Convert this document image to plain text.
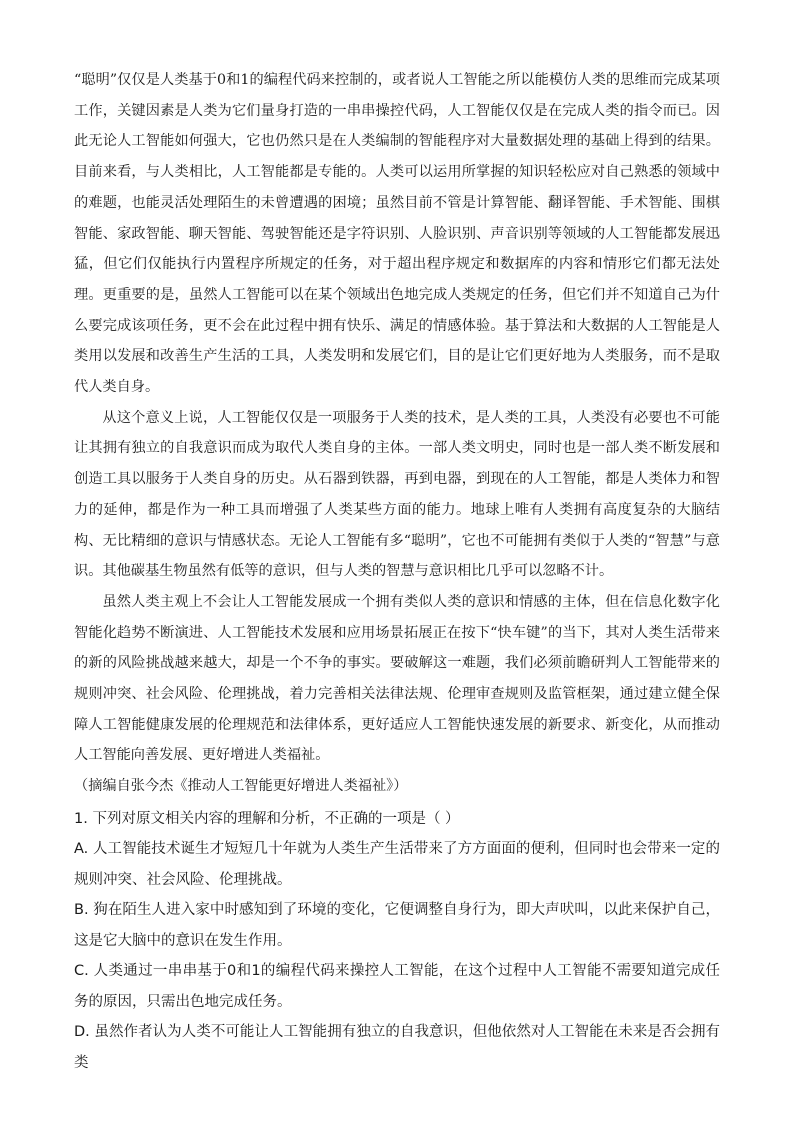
“聪明”仅仅是人类基于0和1的编程代码来控制的，或者说人工智能之所以能模仿人类的思维而完成某项工作，关键因素是人类为它们量身打造的一串串操控代码，人工智能仅仅是在完成人类的指令而已。因此无论人工智能如何强大，它也仍然只是在人类编制的智能程序对大量数据处理的基础上得到的结果。目前来看，与人类相比，人工智能都是专能的。人类可以运用所掌握的知识轻松应对自己熟悉的领域中的难题，也能灵活处理陌生的未曾遭遇的困境；虽然目前不管是计算智能、翻译智能、手术智能、围棋智能、家政智能、聊天智能、驾驶智能还是字符识别、人脸识别、声音识别等领域的人工智能都发展迅猛，但它们仅能执行内置程序所规定的任务，对于超出程序规定和数据库的内容和情形它们都无法处理。更重要的是，虽然人工智能可以在某个领域出色地完成人类规定的任务，但它们并不知道自己为什么要完成该项任务，更不会在此过程中拥有快乐、满足的情感体验。基于算法和大数据的人工智能是人类用以发展和改善生产生活的工具，人类发明和发展它们，目的是让它们更好地为人类服务，而不是取代人类自身。

从这个意义上说，人工智能仅仅是一项服务于人类的技术，是人类的工具，人类没有必要也不可能让其拥有独立的自我意识而成为取代人类自身的主体。一部人类文明史，同时也是一部人类不断发展和创造工具以服务于人类自身的历史。从石器到铁器，再到电器，到现在的人工智能，都是人类体力和智力的延伸，都是作为一种工具而增强了人类某些方面的能力。地球上唯有人类拥有高度复杂的大脑结构、无比精细的意识与情感状态。无论人工智能有多“聪明”，它也不可能拥有类似于人类的“智慧”与意识。其他碳基生物虽然有低等的意识，但与人类的智慧与意识相比几乎可以忽略不计。

虽然人类主观上不会让人工智能发展成一个拥有类似人类的意识和情感的主体，但在信息化数字化智能化趋势不断演进、人工智能技术发展和应用场景拓展正在按下“快车键”的当下，其对人类生活带来的新的风险挑战越来越大，却是一个不争的事实。要破解这一难题，我们必须前瞻研判人工智能带来的规则冲突、社会风险、伦理挑战，着力完善相关法律法规、伦理审查规则及监管框架，通过建立健全保障人工智能健康发展的伦理规范和法律体系，更好适应人工智能快速发展的新要求、新变化，从而推动人工智能向善发展、更好增进人类福祉。

（摘编自张今杰《推动人工智能更好增进人类福祉》）

1. 下列对原文相关内容的理解和分析，不正确的一项是（ ）

A. 人工智能技术诞生才短短几十年就为人类生产生活带来了方方面面的便利，但同时也会带来一定的规则冲突、社会风险、伦理挑战。

B. 狗在陌生人进入家中时感知到了环境的变化，它便调整自身行为，即大声吠叫，以此来保护自己，这是它大脑中的意识在发生作用。

C. 人类通过一串串基于0和1的编程代码来操控人工智能，在这个过程中人工智能不需要知道完成任务的原因，只需出色地完成任务。

D. 虽然作者认为人类不可能让人工智能拥有独立的自我意识，但他依然对人工智能在未来是否会拥有类
